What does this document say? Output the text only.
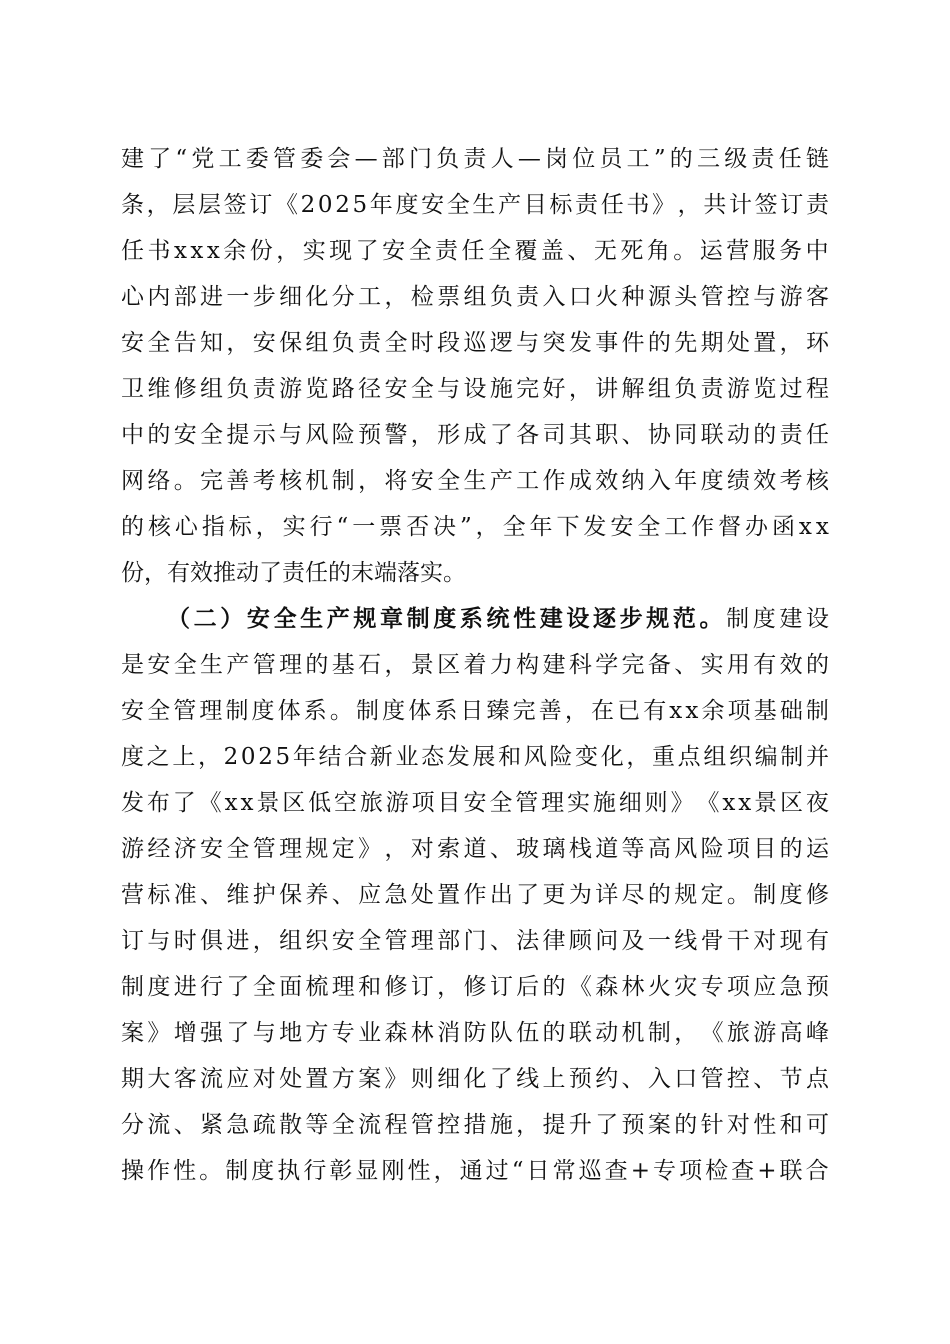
建 了 “ 党 工 委 管 委 会 — 部 门 负 责 人 — 岗 位 员 工 ” 的 三 级 责 任 链
条 ， 层 层 签 订 《 2 0 2 5 年 度 安 全 生 产 目 标 责 任 书 》 ， 共 计 签 订 责
任 书 x x x 余 份 ， 实 现 了 安 全 责 任 全 覆 盖 、 无 死 角 。 运 营 服 务 中
心 内 部 进 一 步 细 化 分 工 ， 检 票 组 负 责 入 口 火 种 源 头 管 控 与 游 客
安 全 告 知 ， 安 保 组 负 责 全 时 段 巡 逻 与 突 发 事 件 的 先 期 处 置 ， 环
卫 维 修 组 负 责 游 览 路 径 安 全 与 设 施 完 好 ， 讲 解 组 负 责 游 览 过 程
中 的 安 全 提 示 与 风 险 预 警 ， 形 成 了 各 司 其 职 、 协 同 联 动 的 责 任
网 络 。 完 善 考 核 机 制 ， 将 安 全 生 产 工 作 成 效 纳 入 年 度 绩 效 考 核
的 核 心 指 标 ， 实 行 “ 一 票 否 决 ” ， 全 年 下 发 安 全 工 作 督 办 函 x x
份，有效推动了责任的末端落实。
（ 二 ） 安 全 生 产 规 章 制 度 系 统 性 建 设 逐 步 规 范 。 制 度 建 设
是 安 全 生 产 管 理 的 基 石 ， 景 区 着 力 构 建 科 学 完 备 、 实 用 有 效 的
安 全 管 理 制 度 体 系 。 制 度 体 系 日 臻 完 善 ， 在 已 有 x x 余 项 基 础 制
度 之 上 ， 2 0 2 5 年 结 合 新 业 态 发 展 和 风 险 变 化 ， 重 点 组 织 编 制 并
发 布 了 《 x x 景 区 低 空 旅 游 项 目 安 全 管 理 实 施 细 则 》 《 x x 景 区 夜
游 经 济 安 全 管 理 规 定 》 ， 对 索 道 、 玻 璃 栈 道 等 高 风 险 项 目 的 运
营 标 准 、 维 护 保 养 、 应 急 处 置 作 出 了 更 为 详 尽 的 规 定 。 制 度 修
订 与 时 俱 进 ， 组 织 安 全 管 理 部 门 、 法 律 顾 问 及 一 线 骨 干 对 现 有
制 度 进 行 了 全 面 梳 理 和 修 订 ， 修 订 后 的 《 森 林 火 灾 专 项 应 急 预
案 》 增 强 了 与 地 方 专 业 森 林 消 防 队 伍 的 联 动 机 制 ， 《 旅 游 高 峰
期 大 客 流 应 对 处 置 方 案 》 则 细 化 了 线 上 预 约 、 入 口 管 控 、 节 点
分 流 、 紧 急 疏 散 等 全 流 程 管 控 措 施 ， 提 升 了 预 案 的 针 对 性 和 可
操 作 性 。 制 度 执 行 彰 显 刚 性 ， 通 过 “ 日 常 巡 查 + 专 项 检 查 + 联 合
